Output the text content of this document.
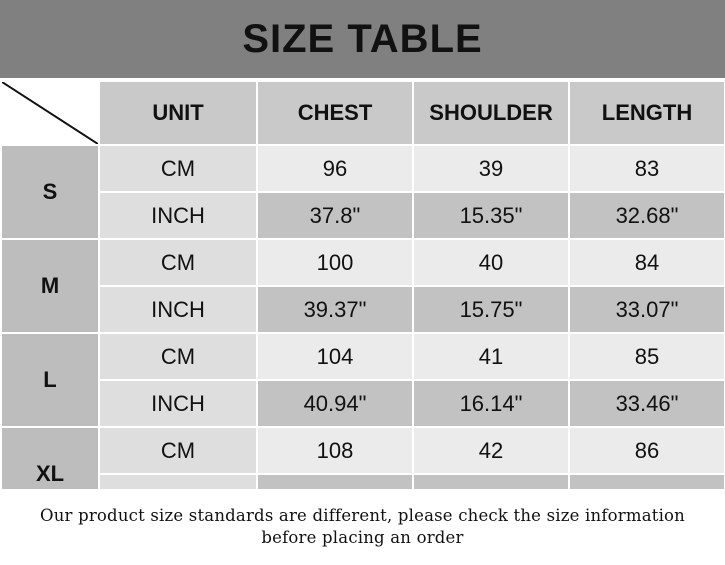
SIZE TABLE
	UNIT	CHEST	SHOULDER	LENGTH
S	CM	96	39	83
	INCH	37.8"	15.35"	32.68"
M	CM	100	40	84
	INCH	39.37"	15.75"	33.07"
L	CM	104	41	85
	INCH	40.94"	16.14"	33.46"
XL	CM	108	42	86

Our product size standards are different, please check the size information
before placing an order
